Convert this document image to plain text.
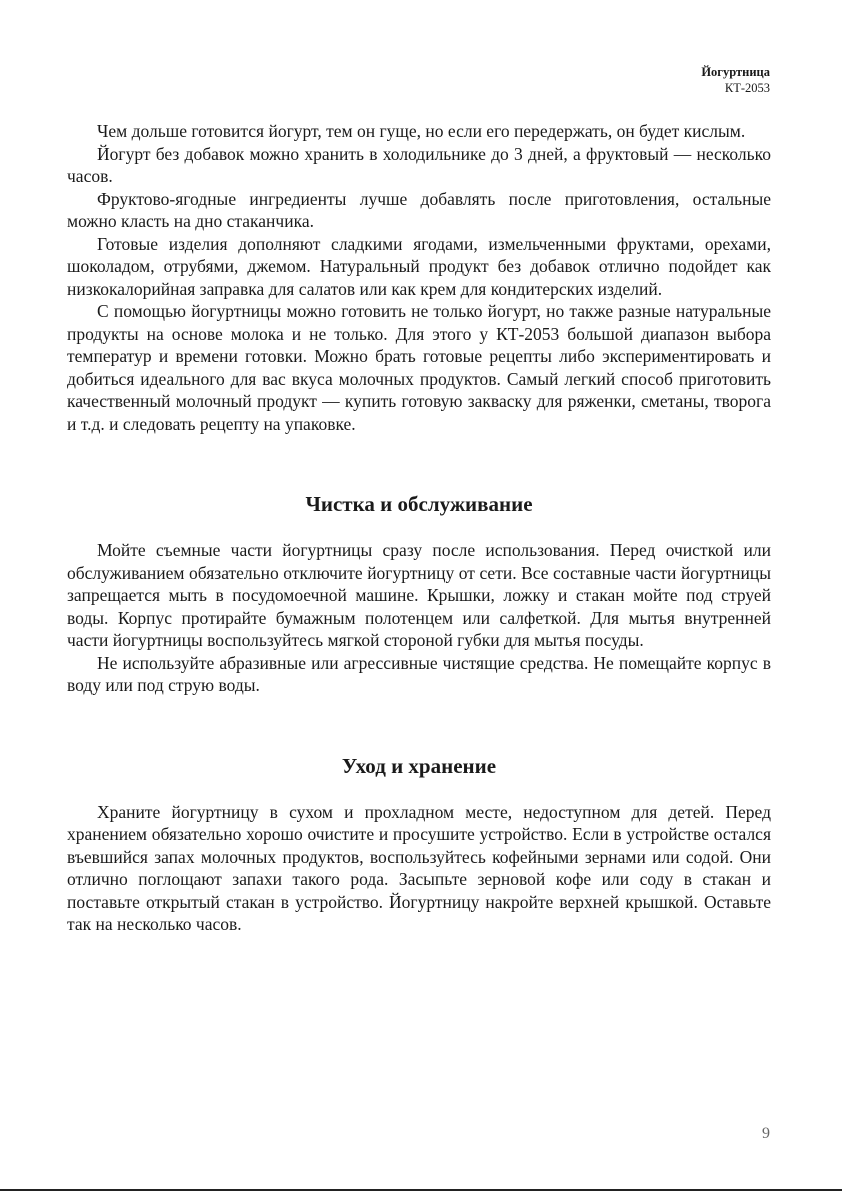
Йогуртница
КТ-2053

Чем дольше готовится йогурт, тем он гуще, но если его передержать, он будет кислым.

Йогурт без добавок можно хранить в холодильнике до 3 дней, а фруктовый — несколько часов.

Фруктово-ягодные ингредиенты лучше добавлять после приготовления, остальные можно класть на дно стаканчика.

Готовые изделия дополняют сладкими ягодами, измельченными фруктами, орехами, шоколадом, отрубями, джемом. Натуральный продукт без добавок отлично подойдет как низкокалорийная заправка для салатов или как крем для кондитерских изделий.

С помощью йогуртницы можно готовить не только йогурт, но также разные натуральные продукты на основе молока и не только. Для этого у КТ-2053 большой диапазон выбора температур и времени готовки. Можно брать готовые рецепты либо экспериментировать и добиться идеального для вас вкуса молочных продуктов. Самый легкий способ приготовить качественный молочный продукт — купить готовую закваску для ряженки, сметаны, творога и т.д. и следовать рецепту на упаковке.

Чистка и обслуживание

Мойте съемные части йогуртницы сразу после использования. Перед очисткой или обслуживанием обязательно отключите йогуртницу от сети. Все составные части йогуртницы запрещается мыть в посудомоечной машине. Крышки, ложку и стакан мойте под струей воды. Корпус протирайте бумажным полотенцем или салфеткой. Для мытья внутренней части йогуртницы воспользуйтесь мягкой стороной губки для мытья посуды.

Не используйте абразивные или агрессивные чистящие средства. Не помещайте корпус в воду или под струю воды.

Уход и хранение

Храните йогуртницу в сухом и прохладном месте, недоступном для детей. Перед хранением обязательно хорошо очистите и просушите устройство. Если в устройстве остался въевшийся запах молочных продуктов, воспользуйтесь кофейными зернами или содой. Они отлично поглощают запахи такого рода. Засыпьте зерновой кофе или соду в стакан и поставьте открытый стакан в устройство. Йогуртницу накройте верхней крышкой. Оставьте так на несколько часов.

9
